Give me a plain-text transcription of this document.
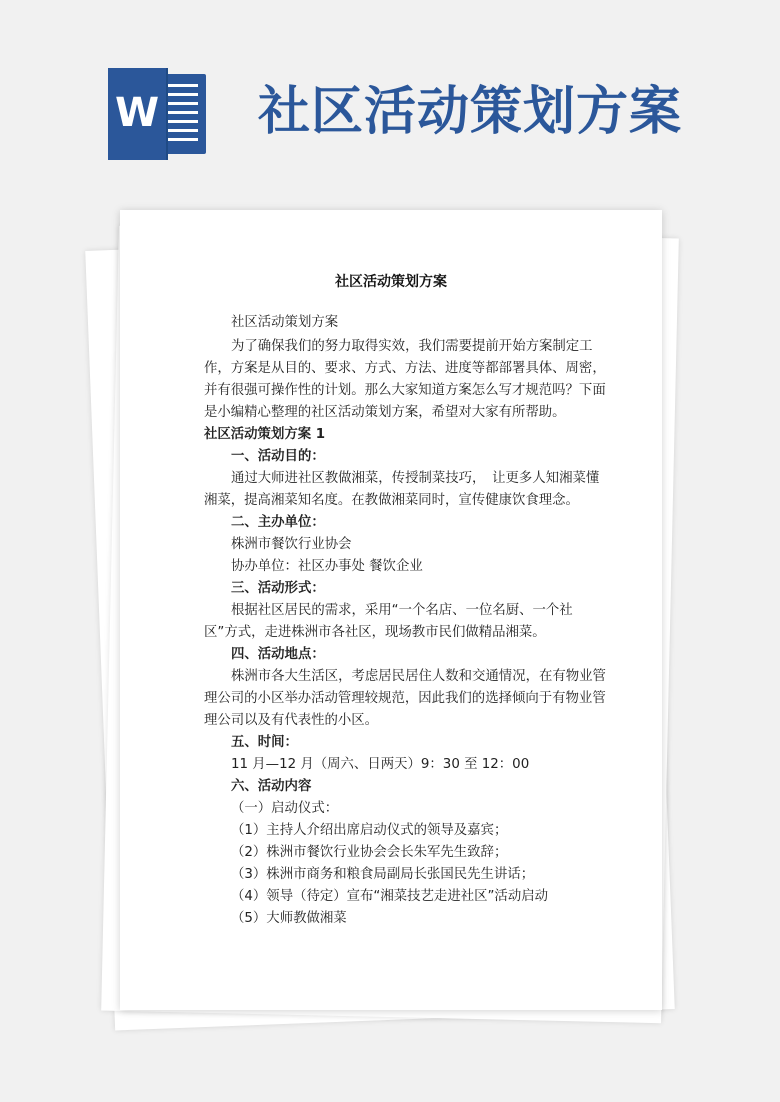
W 社区活动策划方案
社区活动策划方案

社区活动策划方案

为了确保我们的努力取得实效，我们需要提前开始方案制定工作，方案是从目的、要求、方式、方法、进度等都部署具体、周密，并有很强可操作性的计划。那么大家知道方案怎么写才规范吗？下面是小编精心整理的社区活动策划方案，希望对大家有所帮助。

社区活动策划方案 1

一、活动目的：

通过大师进社区教做湘菜，传授制菜技巧，　让更多人知湘菜懂湘菜，提高湘菜知名度。在教做湘菜同时，宣传健康饮食理念。

二、主办单位：

株洲市餐饮行业协会

协办单位：社区办事处 餐饮企业

三、活动形式：

根据社区居民的需求，采用“一个名店、一位名厨、一个社区”方式，走进株洲市各社区，现场教市民们做精品湘菜。

四、活动地点：

株洲市各大生活区，考虑居民居住人数和交通情况，在有物业管理公司的小区举办活动管理较规范，因此我们的选择倾向于有物业管理公司以及有代表性的小区。

五、时间：

11 月—12 月（周六、日两天）9：30 至 12：00

六、活动内容

（一）启动仪式：

（1）主持人介绍出席启动仪式的领导及嘉宾；

（2）株洲市餐饮行业协会会长朱军先生致辞；

（3）株洲市商务和粮食局副局长张国民先生讲话；

（4）领导（待定）宣布“湘菜技艺走进社区”活动启动

（5）大师教做湘菜
